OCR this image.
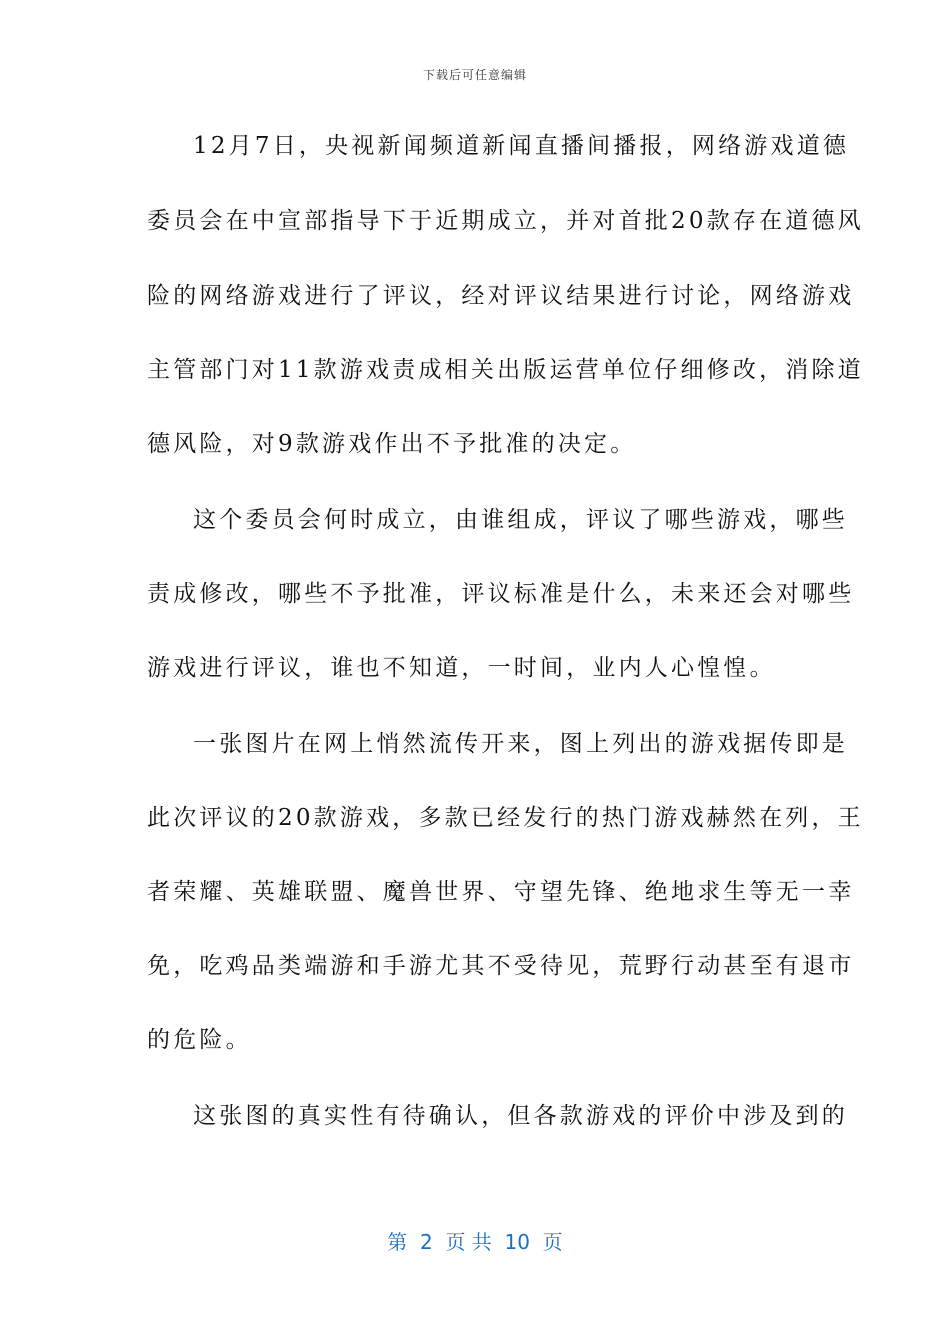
下载后可任意编辑
12月7日，央视新闻频道新闻直播间播报，网络游戏道德
委员会在中宣部指导下于近期成立，并对首批20款存在道德风
险的网络游戏进行了评议，经对评议结果进行讨论，网络游戏
主管部门对11款游戏责成相关出版运营单位仔细修改，消除道
德风险，对9款游戏作出不予批准的决定。
这个委员会何时成立，由谁组成，评议了哪些游戏，哪些
责成修改，哪些不予批准，评议标准是什么，未来还会对哪些
游戏进行评议，谁也不知道，一时间，业内人心惶惶。
一张图片在网上悄然流传开来，图上列出的游戏据传即是
此次评议的20款游戏，多款已经发行的热门游戏赫然在列，王
者荣耀、英雄联盟、魔兽世界、守望先锋、绝地求生等无一幸
免，吃鸡品类端游和手游尤其不受待见，荒野行动甚至有退市
的危险。
这张图的真实性有待确认，但各款游戏的评价中涉及到的
第  2  页 共  10  页
